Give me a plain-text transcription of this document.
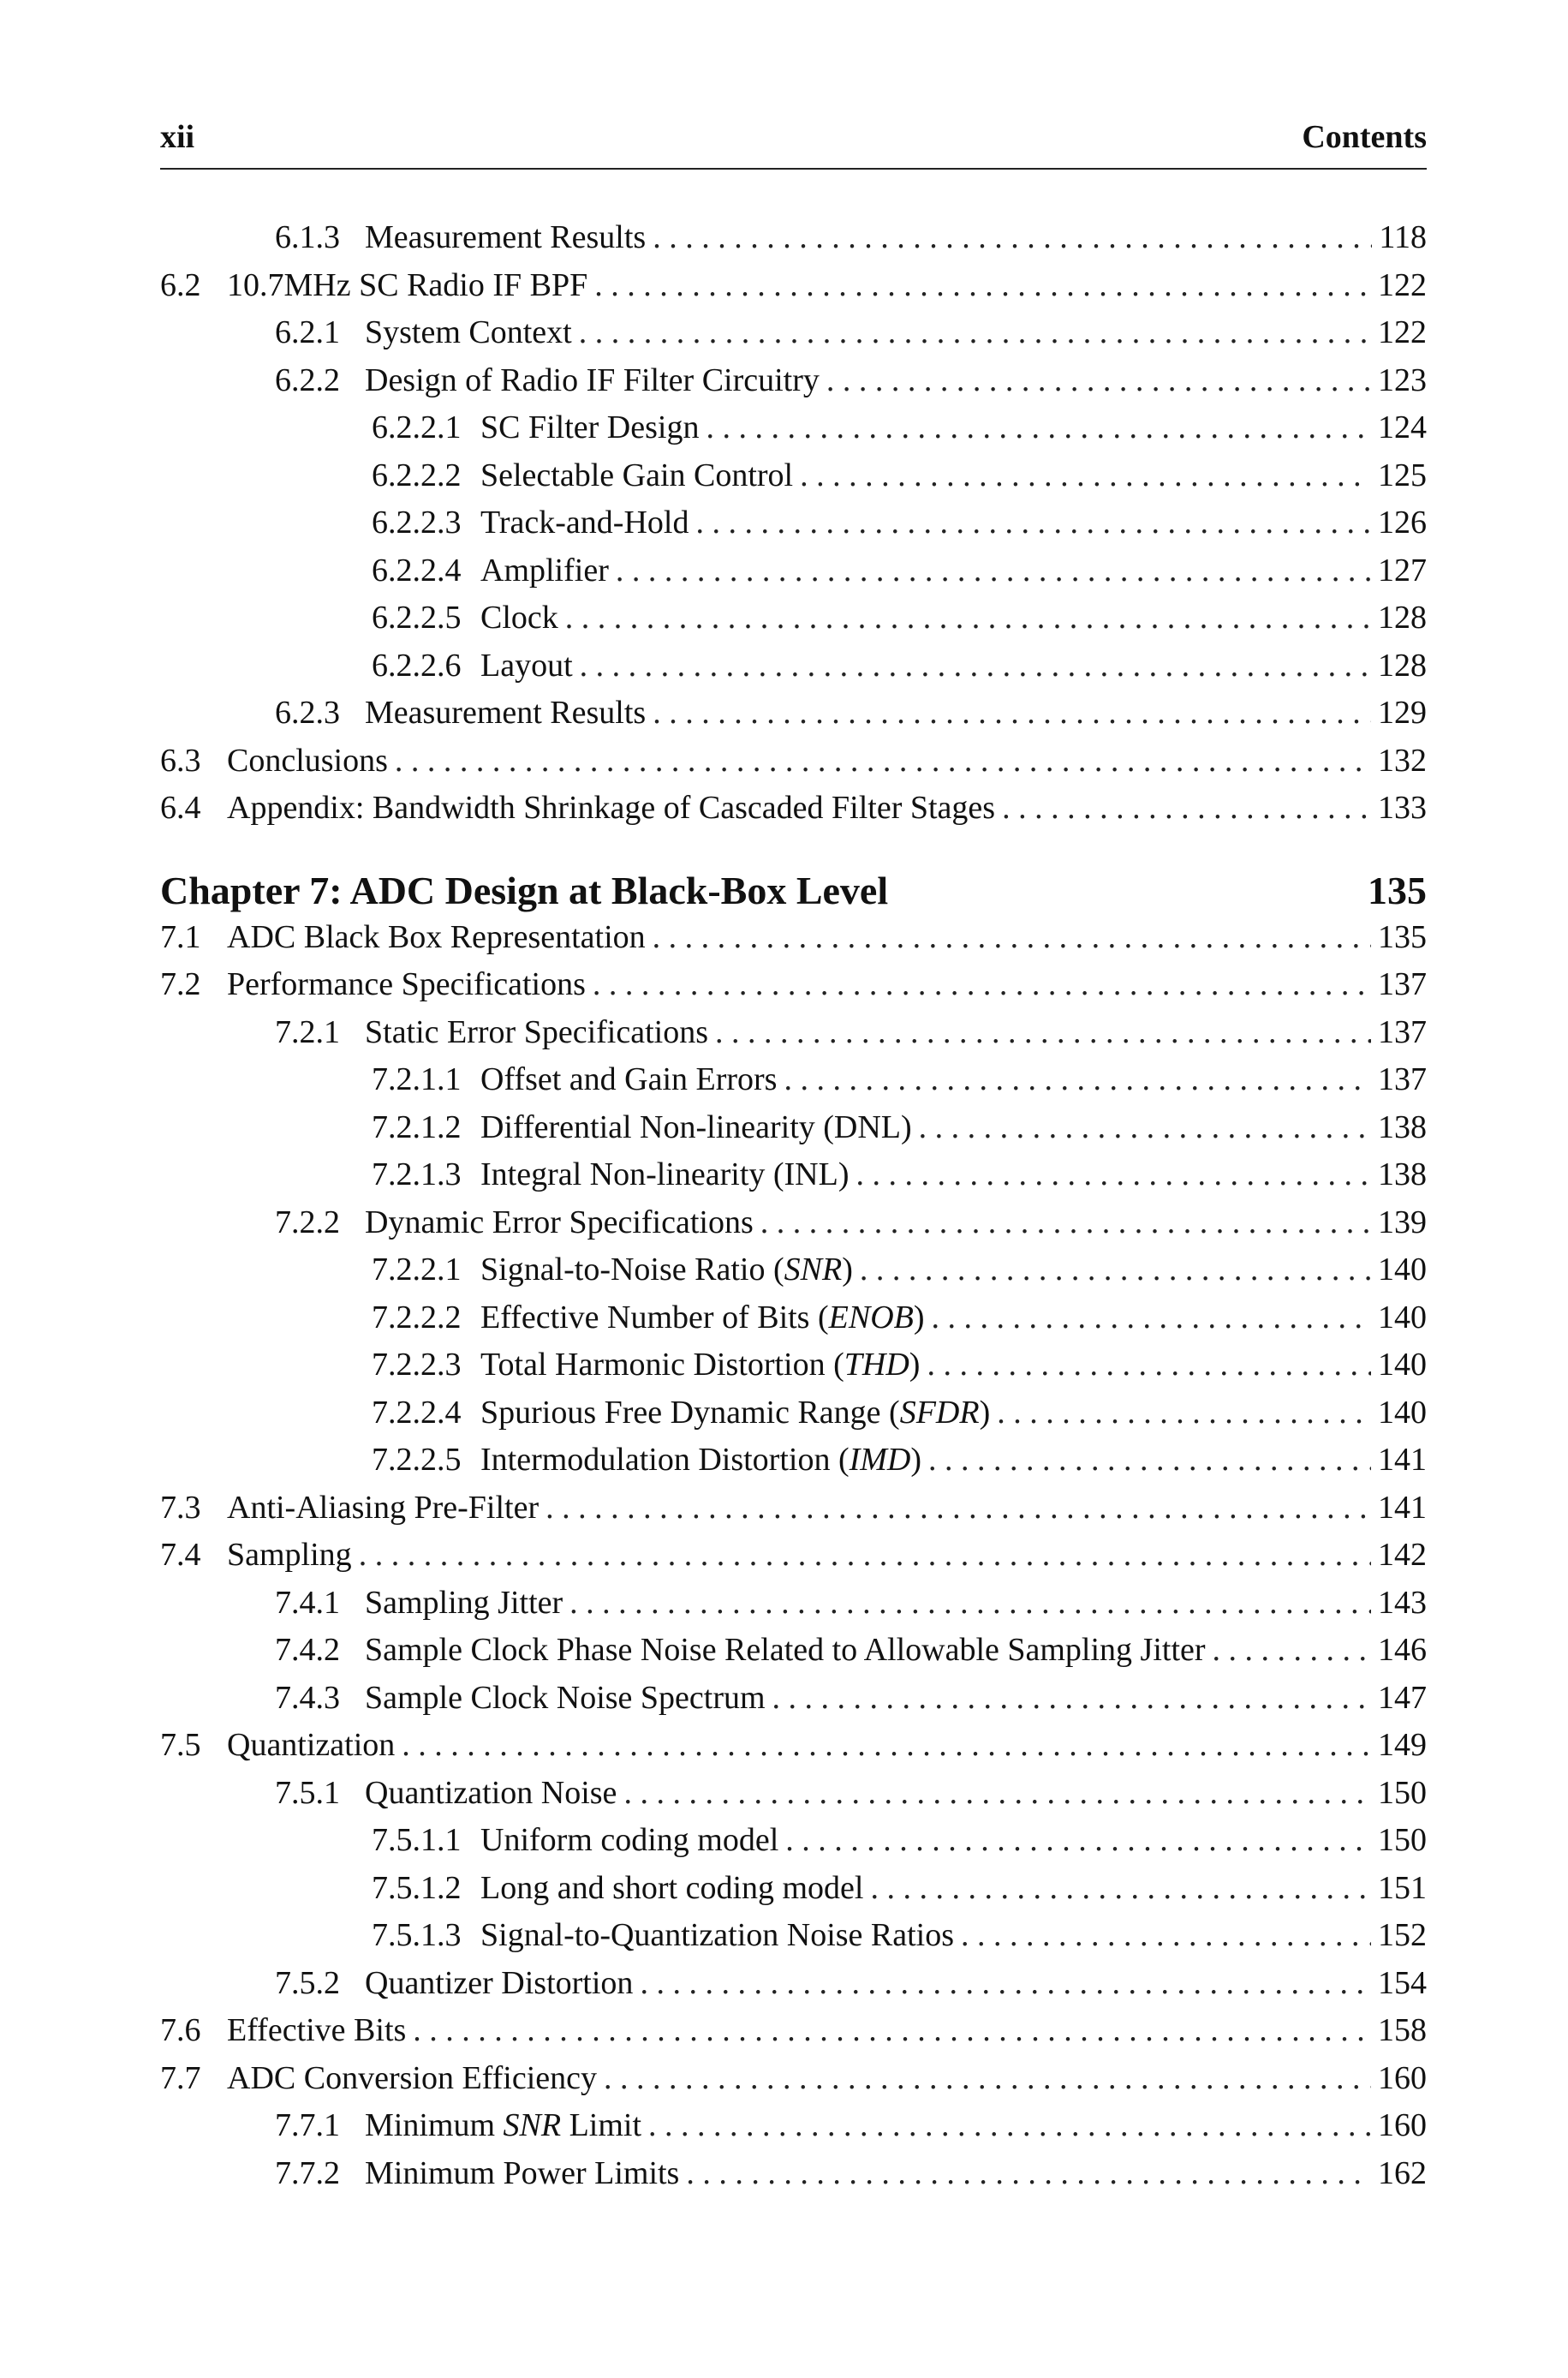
xii	Contents
6.1.3 Measurement Results . . .	118
6.2 10.7MHz SC Radio IF BPF . . .	122
6.2.1 System Context . . .	122
6.2.2 Design of Radio IF Filter Circuitry . . .	123
6.2.2.1 SC Filter Design . . .	124
6.2.2.2 Selectable Gain Control . . .	125
6.2.2.3 Track-and-Hold . . .	126
6.2.2.4 Amplifier . . .	127
6.2.2.5 Clock . . .	128
6.2.2.6 Layout . . .	128
6.2.3 Measurement Results . . .	129
6.3 Conclusions . . .	132
6.4 Appendix: Bandwidth Shrinkage of Cascaded Filter Stages . . .	133
Chapter 7: ADC Design at Black-Box Level	135
7.1 ADC Black Box Representation . . .	135
7.2 Performance Specifications . . .	137
7.2.1 Static Error Specifications . . .	137
7.2.1.1 Offset and Gain Errors . . .	137
7.2.1.2 Differential Non-linearity (DNL) . . .	138
7.2.1.3 Integral Non-linearity (INL) . . .	138
7.2.2 Dynamic Error Specifications . . .	139
7.2.2.1 Signal-to-Noise Ratio (SNR) . . .	140
7.2.2.2 Effective Number of Bits (ENOB) . . .	140
7.2.2.3 Total Harmonic Distortion (THD) . . .	140
7.2.2.4 Spurious Free Dynamic Range (SFDR) . . .	140
7.2.2.5 Intermodulation Distortion (IMD) . . .	141
7.3 Anti-Aliasing Pre-Filter . . .	141
7.4 Sampling . . .	142
7.4.1 Sampling Jitter . . .	143
7.4.2 Sample Clock Phase Noise Related to Allowable Sampling Jitter . . .	146
7.4.3 Sample Clock Noise Spectrum . . .	147
7.5 Quantization . . .	149
7.5.1 Quantization Noise . . .	150
7.5.1.1 Uniform coding model . . .	150
7.5.1.2 Long and short coding model . . .	151
7.5.1.3 Signal-to-Quantization Noise Ratios . . .	152
7.5.2 Quantizer Distortion . . .	154
7.6 Effective Bits . . .	158
7.7 ADC Conversion Efficiency . . .	160
7.7.1 Minimum SNR Limit . . .	160
7.7.2 Minimum Power Limits . . .	162
